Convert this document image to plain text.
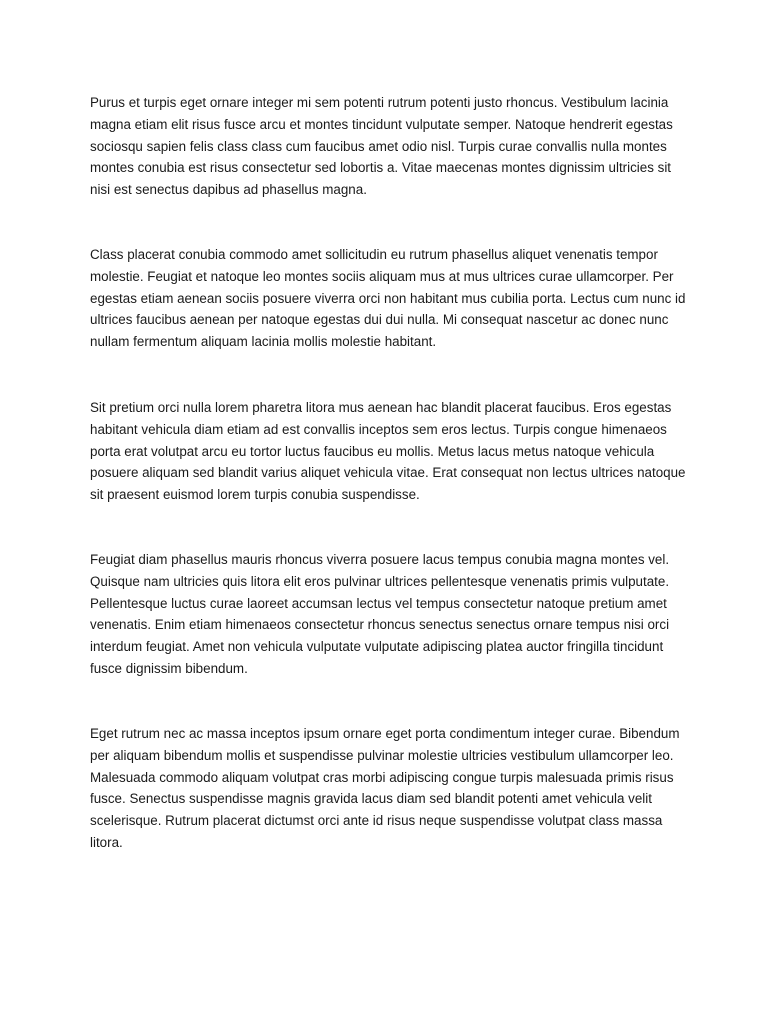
Purus et turpis eget ornare integer mi sem potenti rutrum potenti justo rhoncus. Vestibulum lacinia magna etiam elit risus fusce arcu et montes tincidunt vulputate semper. Natoque hendrerit egestas sociosqu sapien felis class class cum faucibus amet odio nisl. Turpis curae convallis nulla montes montes conubia est risus consectetur sed lobortis a. Vitae maecenas montes dignissim ultricies sit nisi est senectus dapibus ad phasellus magna.

Class placerat conubia commodo amet sollicitudin eu rutrum phasellus aliquet venenatis tempor molestie. Feugiat et natoque leo montes sociis aliquam mus at mus ultrices curae ullamcorper. Per egestas etiam aenean sociis posuere viverra orci non habitant mus cubilia porta. Lectus cum nunc id ultrices faucibus aenean per natoque egestas dui dui nulla. Mi consequat nascetur ac donec nunc nullam fermentum aliquam lacinia mollis molestie habitant.

Sit pretium orci nulla lorem pharetra litora mus aenean hac blandit placerat faucibus. Eros egestas habitant vehicula diam etiam ad est convallis inceptos sem eros lectus. Turpis congue himenaeos porta erat volutpat arcu eu tortor luctus faucibus eu mollis. Metus lacus metus natoque vehicula posuere aliquam sed blandit varius aliquet vehicula vitae. Erat consequat non lectus ultrices natoque sit praesent euismod lorem turpis conubia suspendisse.

Feugiat diam phasellus mauris rhoncus viverra posuere lacus tempus conubia magna montes vel. Quisque nam ultricies quis litora elit eros pulvinar ultrices pellentesque venenatis primis vulputate. Pellentesque luctus curae laoreet accumsan lectus vel tempus consectetur natoque pretium amet venenatis. Enim etiam himenaeos consectetur rhoncus senectus senectus ornare tempus nisi orci interdum feugiat. Amet non vehicula vulputate vulputate adipiscing platea auctor fringilla tincidunt fusce dignissim bibendum.

Eget rutrum nec ac massa inceptos ipsum ornare eget porta condimentum integer curae. Bibendum per aliquam bibendum mollis et suspendisse pulvinar molestie ultricies vestibulum ullamcorper leo. Malesuada commodo aliquam volutpat cras morbi adipiscing congue turpis malesuada primis risus fusce. Senectus suspendisse magnis gravida lacus diam sed blandit potenti amet vehicula velit scelerisque. Rutrum placerat dictumst orci ante id risus neque suspendisse volutpat class massa litora.
